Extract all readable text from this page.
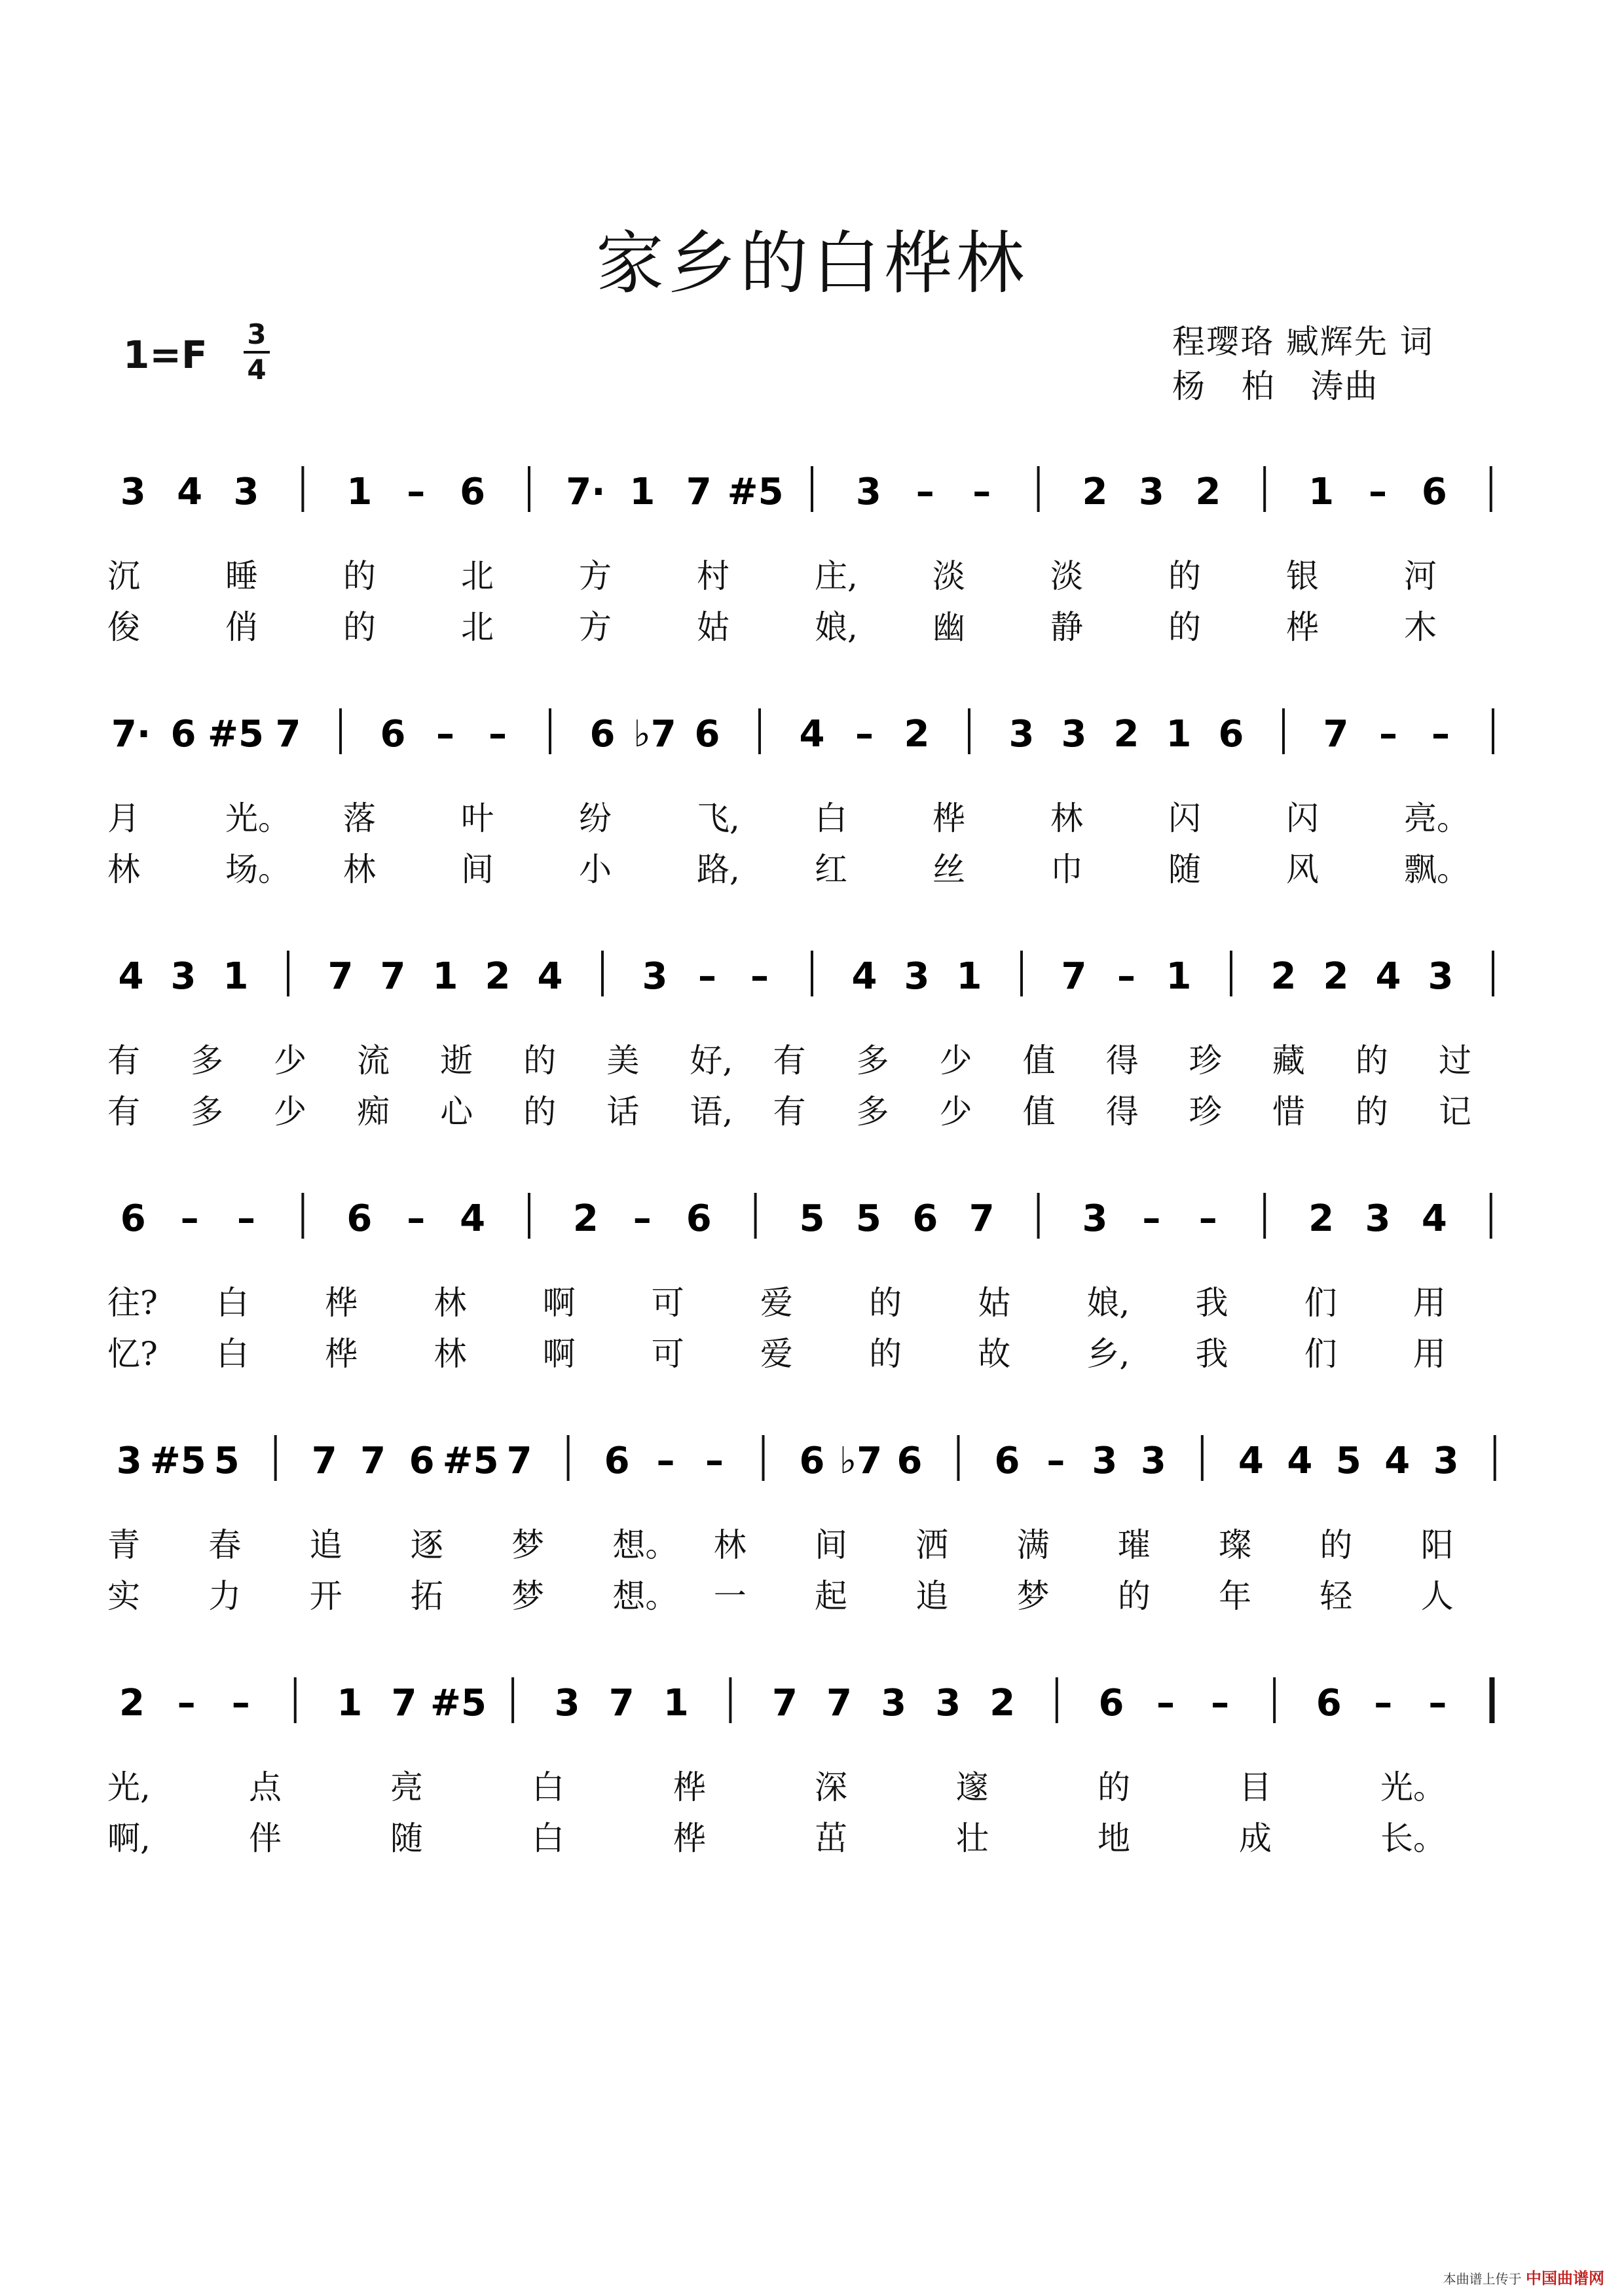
家乡的白桦林
1=F 3
4
程璎珞 臧辉先 词
杨   柏   涛曲
3 4 3 1 – 6 7· 1 7 #5 3 – – 2 3 2 1 – 6
沉	睡	的	北	方	村	庄, 淡	淡	的	银	河
俊	俏	的	北	方	姑	娘, 幽	静	的	桦	木
7· 6 #5 7 6 – – 6 ♭7 6 4 – 2 3 3 2 1 6 7 – –
月	光。 落	叶	纷	飞, 白	桦	林	闪	闪	亮。
林	场。 林	间	小	路, 红	丝	巾	随	风	飘。
4 3 1 7 7 1 2 4 3 – – 4 3 1 7 – 1 2 2 4 3
有 多 少 流 逝 的 美 好, 有 多 少 值 得 珍 藏 的 过
有 多 少 痴 心 的 话 语, 有 多 少 值 得 珍 惜 的 记
6 – – 6 – 4 2 – 6 5 5 6 7 3 – – 2 3 4
往? 白 桦 林 啊 可 爱 的 姑 娘, 我 们 用
忆? 白 桦 林 啊 可 爱 的 故 乡, 我 们 用
3 #5 5 7 7 6 #5 7 6 – – 6 ♭7 6 6 – 3 3 4 4 5 4 3
青 春 追 逐 梦 想。 林 间 洒 满 璀 璨 的 阳
实 力 开 拓 梦 想。 一 起 追 梦 的 年 轻 人
2 – – 1 7 #5 3 7 1 7 7 3 3 2 6 – – 6 – –
光,	点	亮	白	桦	深	邃	的	目	光。
啊,	伴	随	白	桦	茁	壮	地	成	长。
本曲谱上传于 中国曲谱网
